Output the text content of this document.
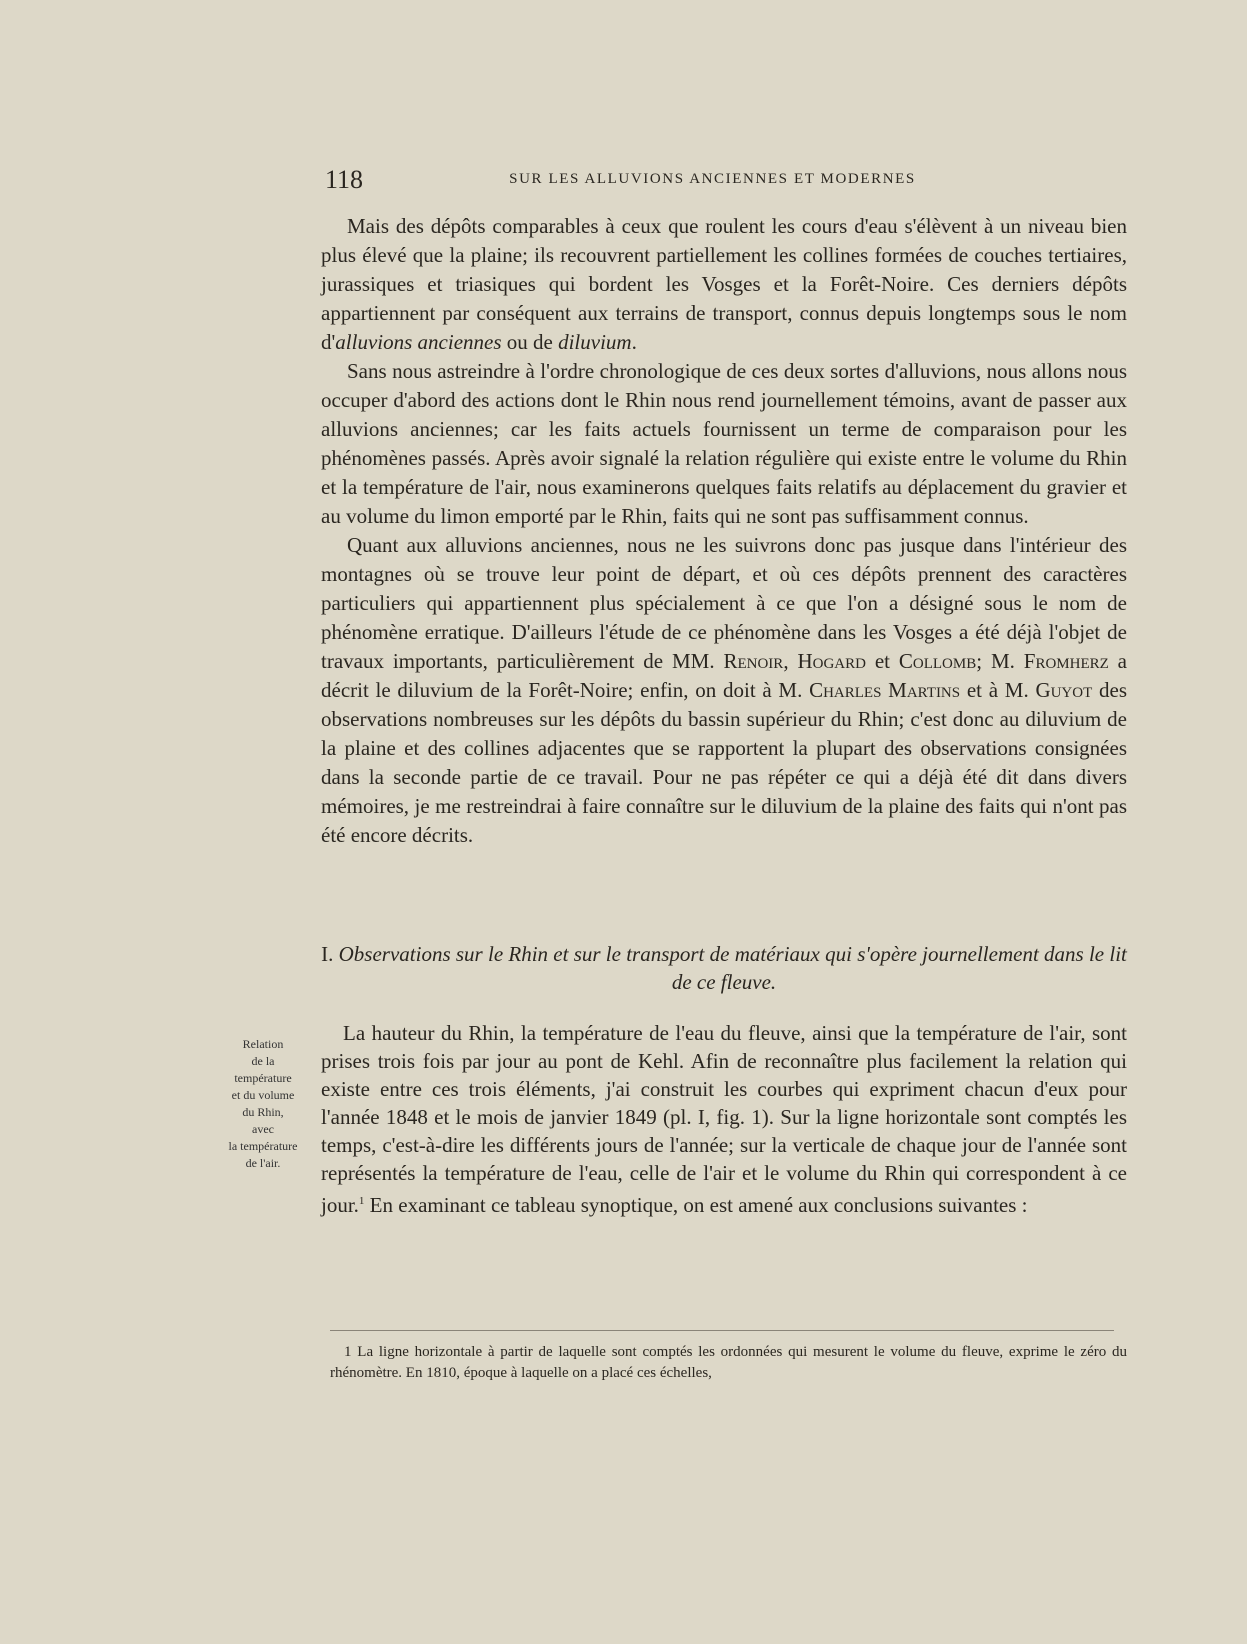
118	SUR LES ALLUVIONS ANCIENNES ET MODERNES

Mais des dépôts comparables à ceux que roulent les cours d'eau s'élèvent à un niveau bien plus élevé que la plaine; ils recouvrent partiellement les collines formées de couches tertiaires, jurassiques et triasiques qui bordent les Vosges et la Forêt-Noire. Ces derniers dépôts appartiennent par conséquent aux terrains de transport, connus depuis longtemps sous le nom d'alluvions anciennes ou de diluvium.

Sans nous astreindre à l'ordre chronologique de ces deux sortes d'alluvions, nous allons nous occuper d'abord des actions dont le Rhin nous rend journellement témoins, avant de passer aux alluvions anciennes; car les faits actuels fournissent un terme de comparaison pour les phénomènes passés. Après avoir signalé la relation régulière qui existe entre le volume du Rhin et la température de l'air, nous examinerons quelques faits relatifs au déplacement du gravier et au volume du limon emporté par le Rhin, faits qui ne sont pas suffisamment connus.

Quant aux alluvions anciennes, nous ne les suivrons donc pas jusque dans l'intérieur des montagnes où se trouve leur point de départ, et où ces dépôts prennent des caractères particuliers qui appartiennent plus spécialement à ce que l'on a désigné sous le nom de phénomène erratique. D'ailleurs l'étude de ce phénomène dans les Vosges a été déjà l'objet de travaux importants, particulièrement de MM. Renoir, Hogard et Collomb; M. Fromherz a décrit le diluvium de la Forêt-Noire; enfin, on doit à M. Charles Martins et à M. Guyot des observations nombreuses sur les dépôts du bassin supérieur du Rhin; c'est donc au diluvium de la plaine et des collines adjacentes que se rapportent la plupart des observations consignées dans la seconde partie de ce travail. Pour ne pas répéter ce qui a déjà été dit dans divers mémoires, je me restreindrai à faire connaître sur le diluvium de la plaine des faits qui n'ont pas été encore décrits.

I. Observations sur le Rhin et sur le transport de matériaux qui s'opère journellement dans le lit de ce fleuve.
Relation
de la
température
et du volume
du Rhin,
avec
la température
de l'air.

La hauteur du Rhin, la température de l'eau du fleuve, ainsi que la température de l'air, sont prises trois fois par jour au pont de Kehl. Afin de reconnaître plus facilement la relation qui existe entre ces trois éléments, j'ai construit les courbes qui expriment chacun d'eux pour l'année 1848 et le mois de janvier 1849 (pl. I, fig. 1). Sur la ligne horizontale sont comptés les temps, c'est-à-dire les différents jours de l'année; sur la verticale de chaque jour de l'année sont représentés la température de l'eau, celle de l'air et le volume du Rhin qui correspondent à ce jour.$^1$ En examinant ce tableau synoptique, on est amené aux conclusions suivantes :

1 La ligne horizontale à partir de laquelle sont comptés les ordonnées qui mesurent le volume du fleuve, exprime le zéro du rhénomètre. En 1810, époque à laquelle on a placé ces échelles,
